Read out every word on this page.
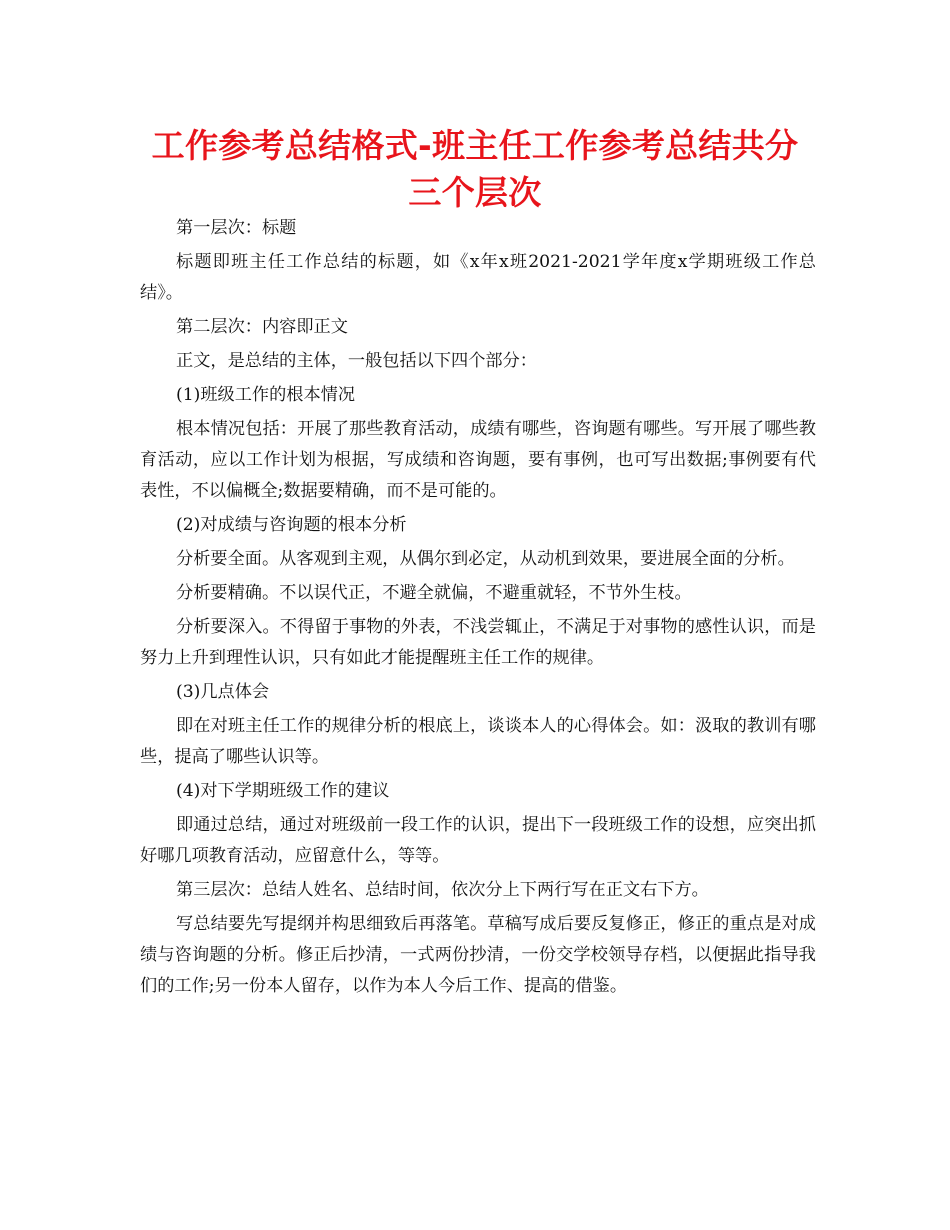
工作参考总结格式-班主任工作参考总结共分三个层次

第一层次：标题

标题即班主任工作总结的标题，如《x年x班2021-2021学年度x学期班级工作总结》。

第二层次：内容即正文

正文，是总结的主体，一般包括以下四个部分：

(1)班级工作的根本情况

根本情况包括：开展了那些教育活动，成绩有哪些，咨询题有哪些。写开展了哪些教育活动，应以工作计划为根据，写成绩和咨询题，要有事例，也可写出数据;事例要有代表性，不以偏概全;数据要精确，而不是可能的。

(2)对成绩与咨询题的根本分析

分析要全面。从客观到主观，从偶尔到必定，从动机到效果，要进展全面的分析。

分析要精确。不以误代正，不避全就偏，不避重就轻，不节外生枝。

分析要深入。不得留于事物的外表，不浅尝辄止，不满足于对事物的感性认识，而是努力上升到理性认识，只有如此才能提醒班主任工作的规律。

(3)几点体会

即在对班主任工作的规律分析的根底上，谈谈本人的心得体会。如：汲取的教训有哪些，提高了哪些认识等。

(4)对下学期班级工作的建议

即通过总结，通过对班级前一段工作的认识，提出下一段班级工作的设想，应突出抓好哪几项教育活动，应留意什么，等等。

第三层次：总结人姓名、总结时间，依次分上下两行写在正文右下方。

写总结要先写提纲并构思细致后再落笔。草稿写成后要反复修正，修正的重点是对成绩与咨询题的分析。修正后抄清，一式两份抄清，一份交学校领导存档，以便据此指导我们的工作;另一份本人留存，以作为本人今后工作、提高的借鉴。
